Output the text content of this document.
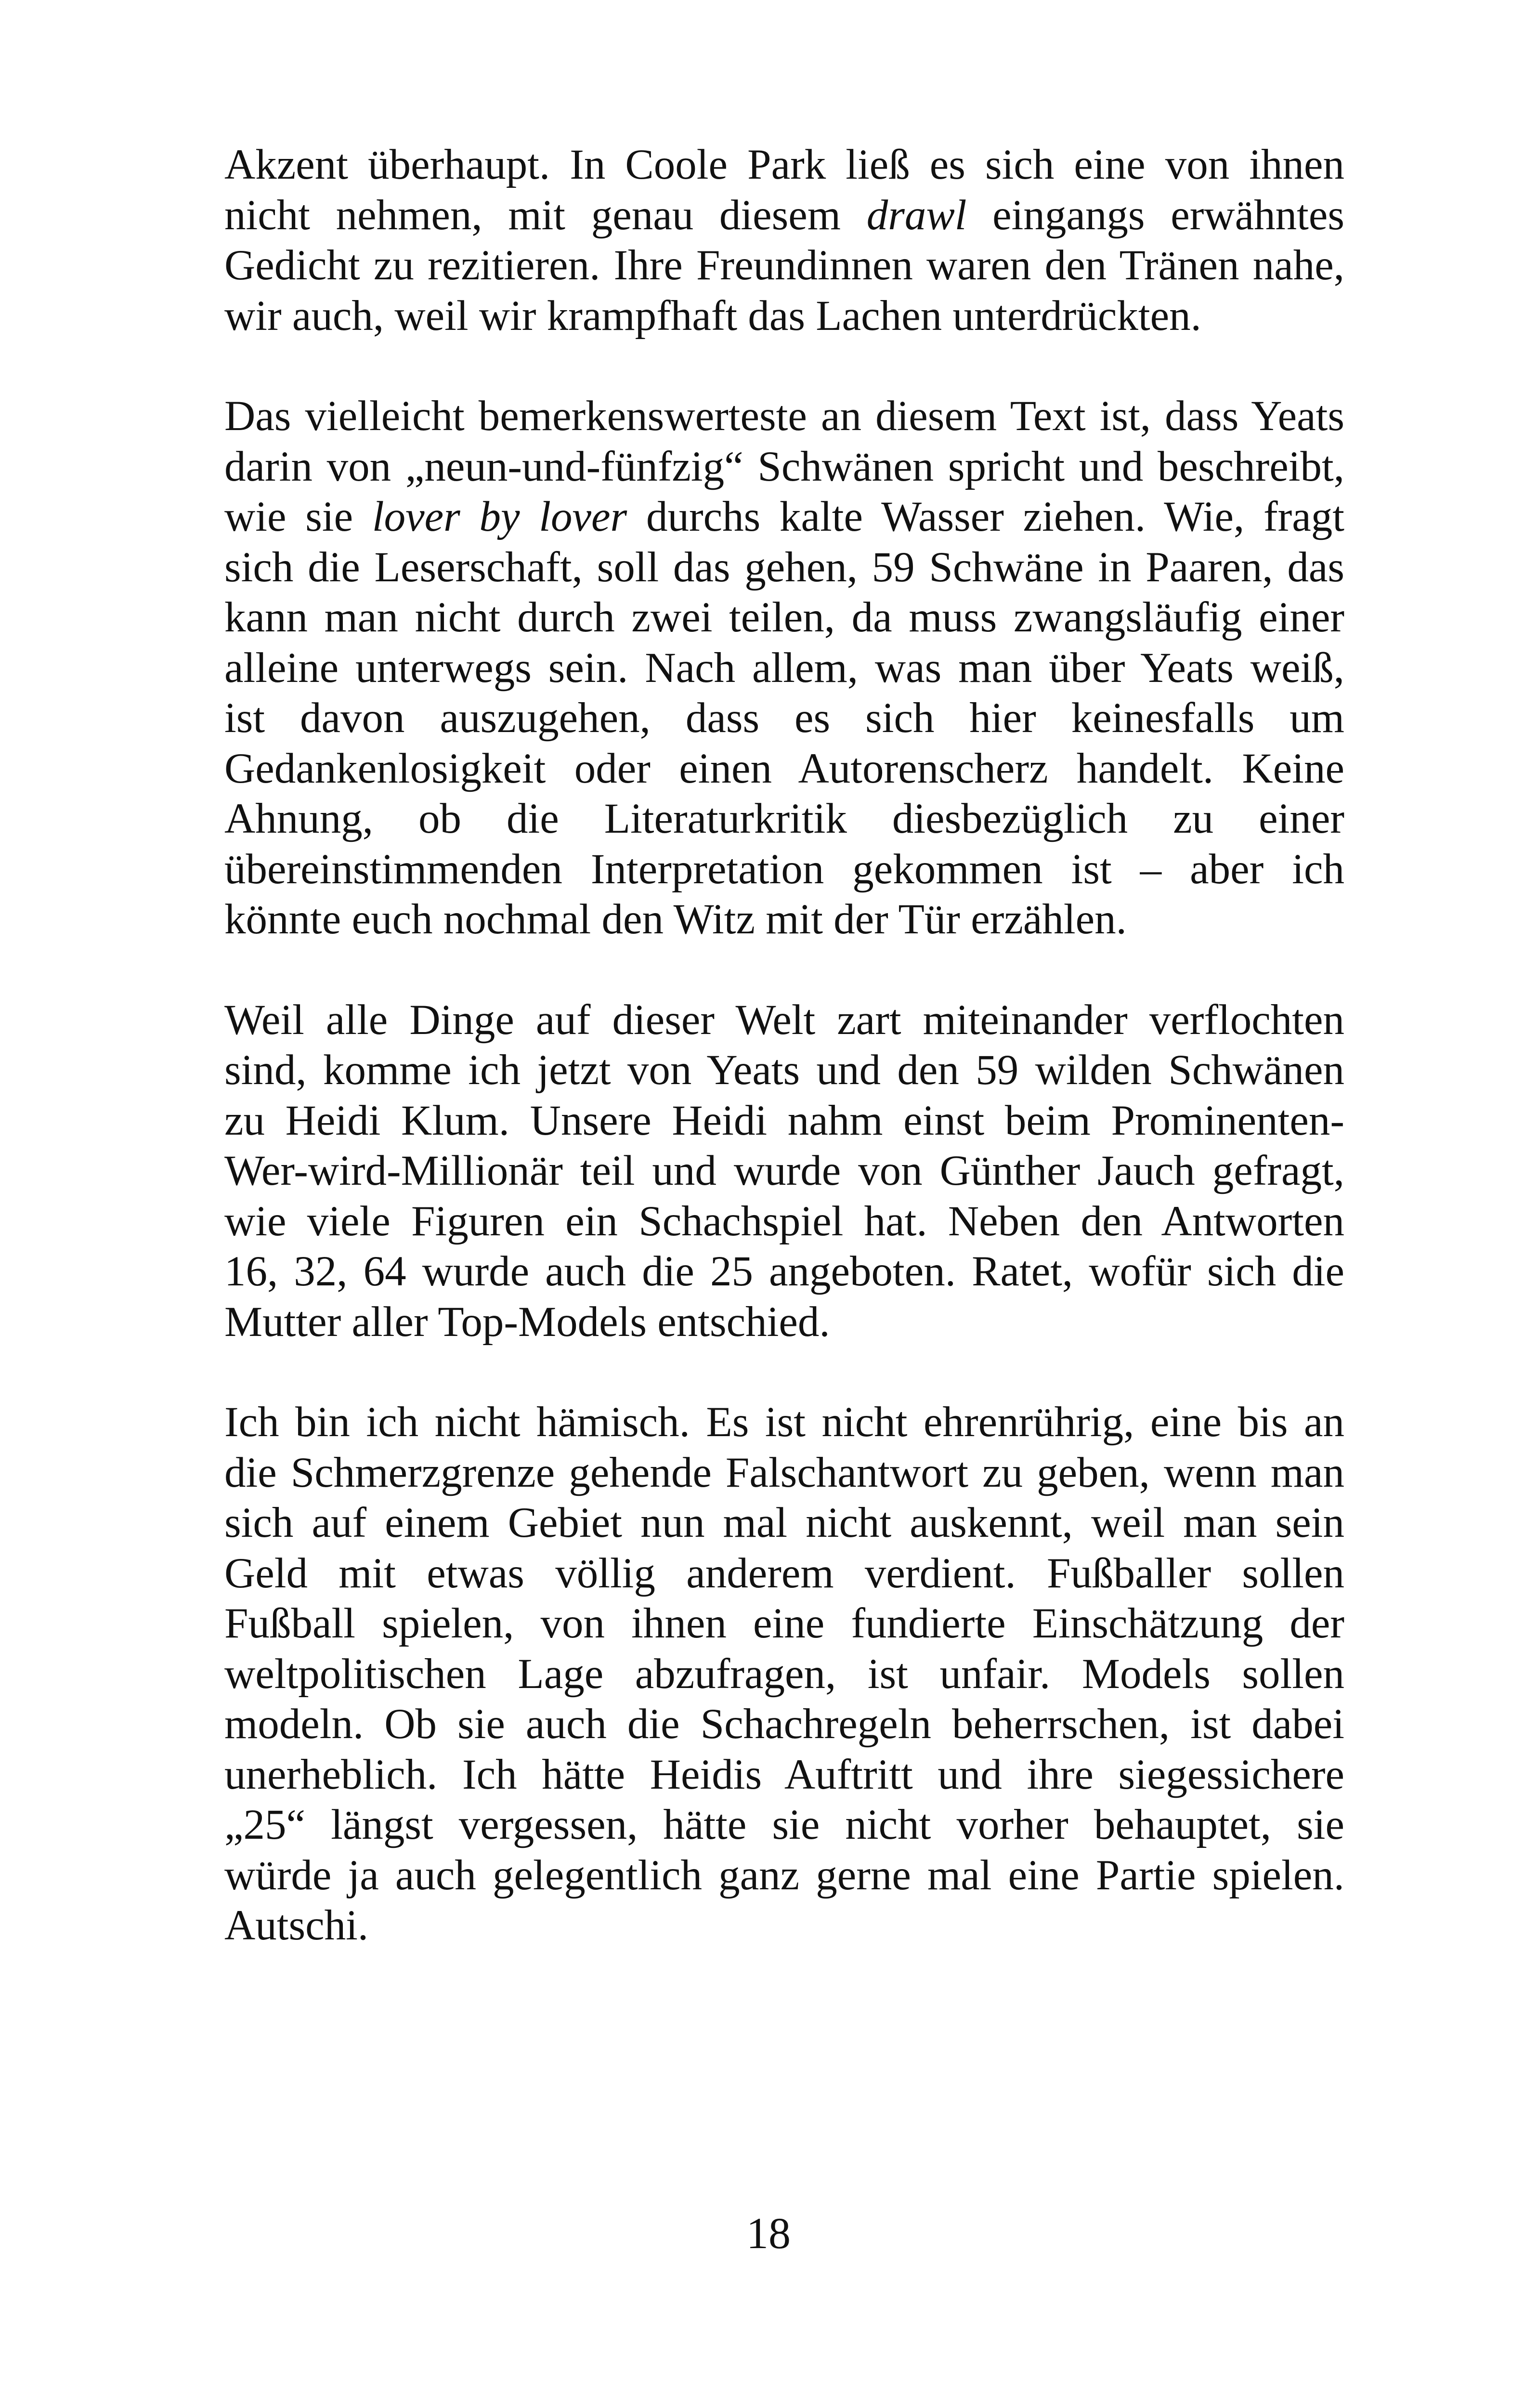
Akzent überhaupt. In Coole Park ließ es sich eine von ihnen
nicht nehmen, mit genau diesem drawl eingangs erwähntes
Gedicht zu rezitieren. Ihre Freundinnen waren den Tränen nahe,
wir auch, weil wir krampfhaft das Lachen unterdrückten.

Das vielleicht bemerkenswerteste an diesem Text ist, dass Yeats
darin von „neun-und-fünfzig“ Schwänen spricht und beschreibt,
wie sie lover by lover durchs kalte Wasser ziehen. Wie, fragt
sich die Leserschaft, soll das gehen, 59 Schwäne in Paaren, das
kann man nicht durch zwei teilen, da muss zwangsläufig einer
alleine unterwegs sein. Nach allem, was man über Yeats weiß,
ist davon auszugehen, dass es sich hier keinesfalls um
Gedankenlosigkeit oder einen Autorenscherz handelt. Keine
Ahnung, ob die Literaturkritik diesbezüglich zu einer
übereinstimmenden Interpretation gekommen ist – aber ich
könnte euch nochmal den Witz mit der Tür erzählen.

Weil alle Dinge auf dieser Welt zart miteinander verflochten
sind, komme ich jetzt von Yeats und den 59 wilden Schwänen
zu Heidi Klum. Unsere Heidi nahm einst beim Prominenten-
Wer-wird-Millionär teil und wurde von Günther Jauch gefragt,
wie viele Figuren ein Schachspiel hat. Neben den Antworten
16, 32, 64 wurde auch die 25 angeboten. Ratet, wofür sich die
Mutter aller Top-Models entschied.

Ich bin ich nicht hämisch. Es ist nicht ehrenrührig, eine bis an
die Schmerzgrenze gehende Falschantwort zu geben, wenn man
sich auf einem Gebiet nun mal nicht auskennt, weil man sein
Geld mit etwas völlig anderem verdient. Fußballer sollen
Fußball spielen, von ihnen eine fundierte Einschätzung der
weltpolitischen Lage abzufragen, ist unfair. Models sollen
modeln. Ob sie auch die Schachregeln beherrschen, ist dabei
unerheblich. Ich hätte Heidis Auftritt und ihre siegessichere
„25“ längst vergessen, hätte sie nicht vorher behauptet, sie
würde ja auch gelegentlich ganz gerne mal eine Partie spielen.
Autschi.

18
